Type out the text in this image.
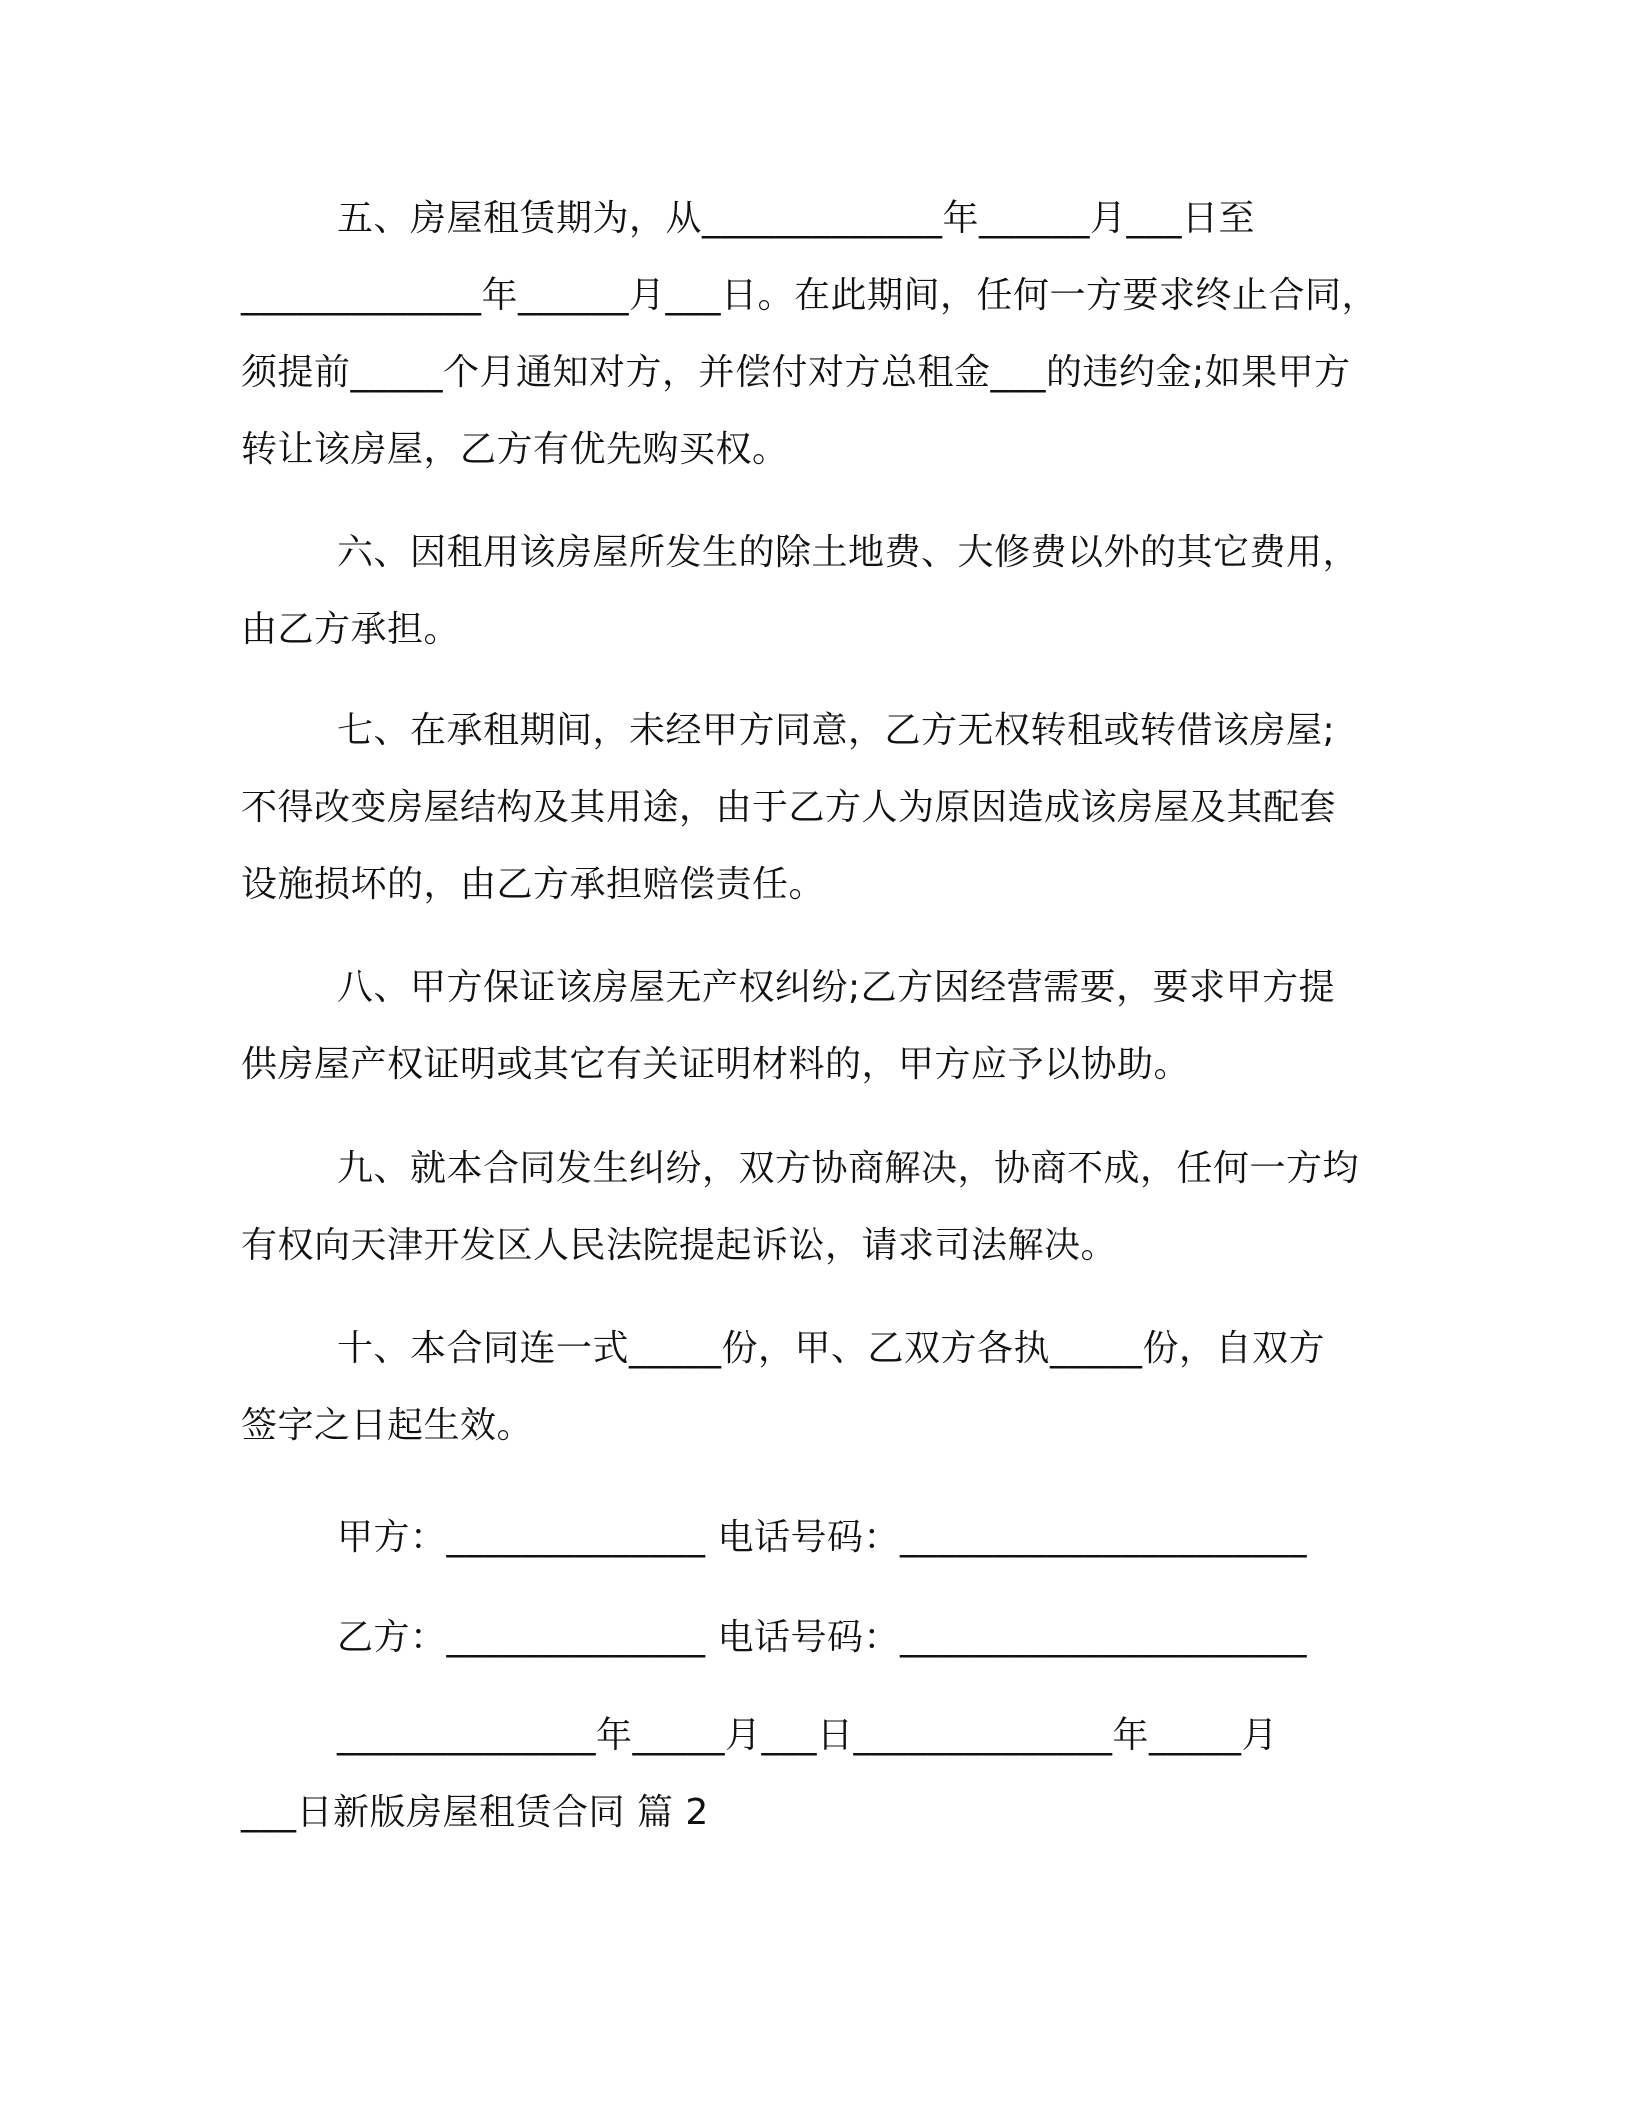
五、房屋租赁期为，从_____________年______月___日至
_____________年______月___日。在此期间，任何一方要求终止合同，
须提前_____个月通知对方，并偿付对方总租金___的违约金;如果甲方
转让该房屋，乙方有优先购买权。

六、因租用该房屋所发生的除土地费、大修费以外的其它费用，
由乙方承担。

七、在承租期间，未经甲方同意，乙方无权转租或转借该房屋;
不得改变房屋结构及其用途，由于乙方人为原因造成该房屋及其配套
设施损坏的，由乙方承担赔偿责任。

八、甲方保证该房屋无产权纠纷;乙方因经营需要，要求甲方提
供房屋产权证明或其它有关证明材料的，甲方应予以协助。

九、就本合同发生纠纷，双方协商解决，协商不成，任何一方均
有权向天津开发区人民法院提起诉讼，请求司法解决。

十、本合同连一式_____份，甲、乙双方各执_____份，自双方
签字之日起生效。

甲方：______________ 电话号码：______________________

乙方：______________ 电话号码：______________________

______________年_____月___日______________年_____月
___日新版房屋租赁合同 篇 2
